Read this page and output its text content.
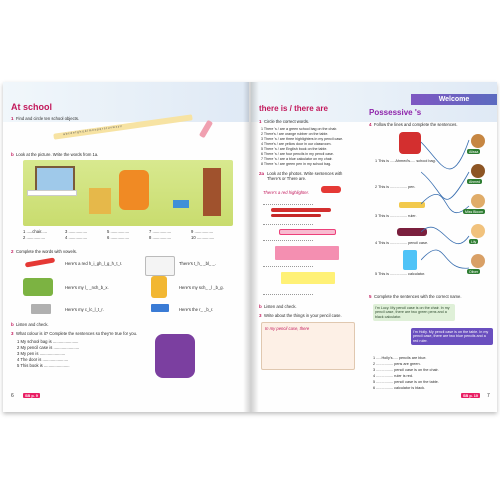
At school
1 Find and circle ten school objects.
a b c d e f g h i j k l m n o p q r s t u v w x y z
b Look at the picture. Write the words from 1a.
1 .....chair.....
2 ................
3 ................
4 ................
5 ................
6 ................
7 ................
8 ................
9 ................
10 ...............
2 Complete the words with vowels.
Here's a red h_i_gh_l_g_h_t_r.	There's t_h_ _bl_ _.
Here's my l_ _nch_b_x.	Here's my sch_ _l _b_g.
Here's my c_lc_l_t_r.	Here's the r_ _b_r.
b Listen and check.
3 What colour is it? Complete the sentences so they're true for you.
1 My school bag is ......................
2 My pencil case is ......................
3 My pen is ......................
4 The door is ......................
5 This book is ......................
6	SB p. 9
Welcome
there is / there are
1 Circle the correct words.
1 There 's / are a green school bag on the chair.
2 There's / are orange rubber on the table.
3 There 's / are three highlighters in my pencil case.
4 There's / are yellow door in our classroom.
5 There 's / are English book on the table.
6 There 's / are four pencils in my pencil case.
7 There 's / are a blue calculator on my chair.
8 There 's / are green pen in my school bag.
2a Look at the photos. Write sentences with There's or There are.
There's a red highlighter.
b Listen and check.
3 Write about the things in your pencil case.
In my pencil case, there
Possessive 's
4 Follow the lines and complete the sentences.
1 This is .....Ahmed's..... school bag.
2 This is ................ pen.
3 This is ................ ruler.
4 This is ................ pencil case.
5 This is ................ calculator.
Alissa
Ahmed
Miss Bloom
Lily
Oliver
5 Complete the sentences with the correct name.
I'm Lucy. My pencil case is on the chair. In my pencil case, there are two green pens and a black calculator.
I'm Holly. My pencil case is on the table. In my pencil case, there are two blue pencils and a red ruler.
1 .....Holly's..... pencils are blue.
2 ................ pens are green.
3 ................ pencil case is on the chair.
4 ................ ruler is red.
5 ................ pencil case is on the table.
6 ................ calculator is black.
SB p. 10	7
